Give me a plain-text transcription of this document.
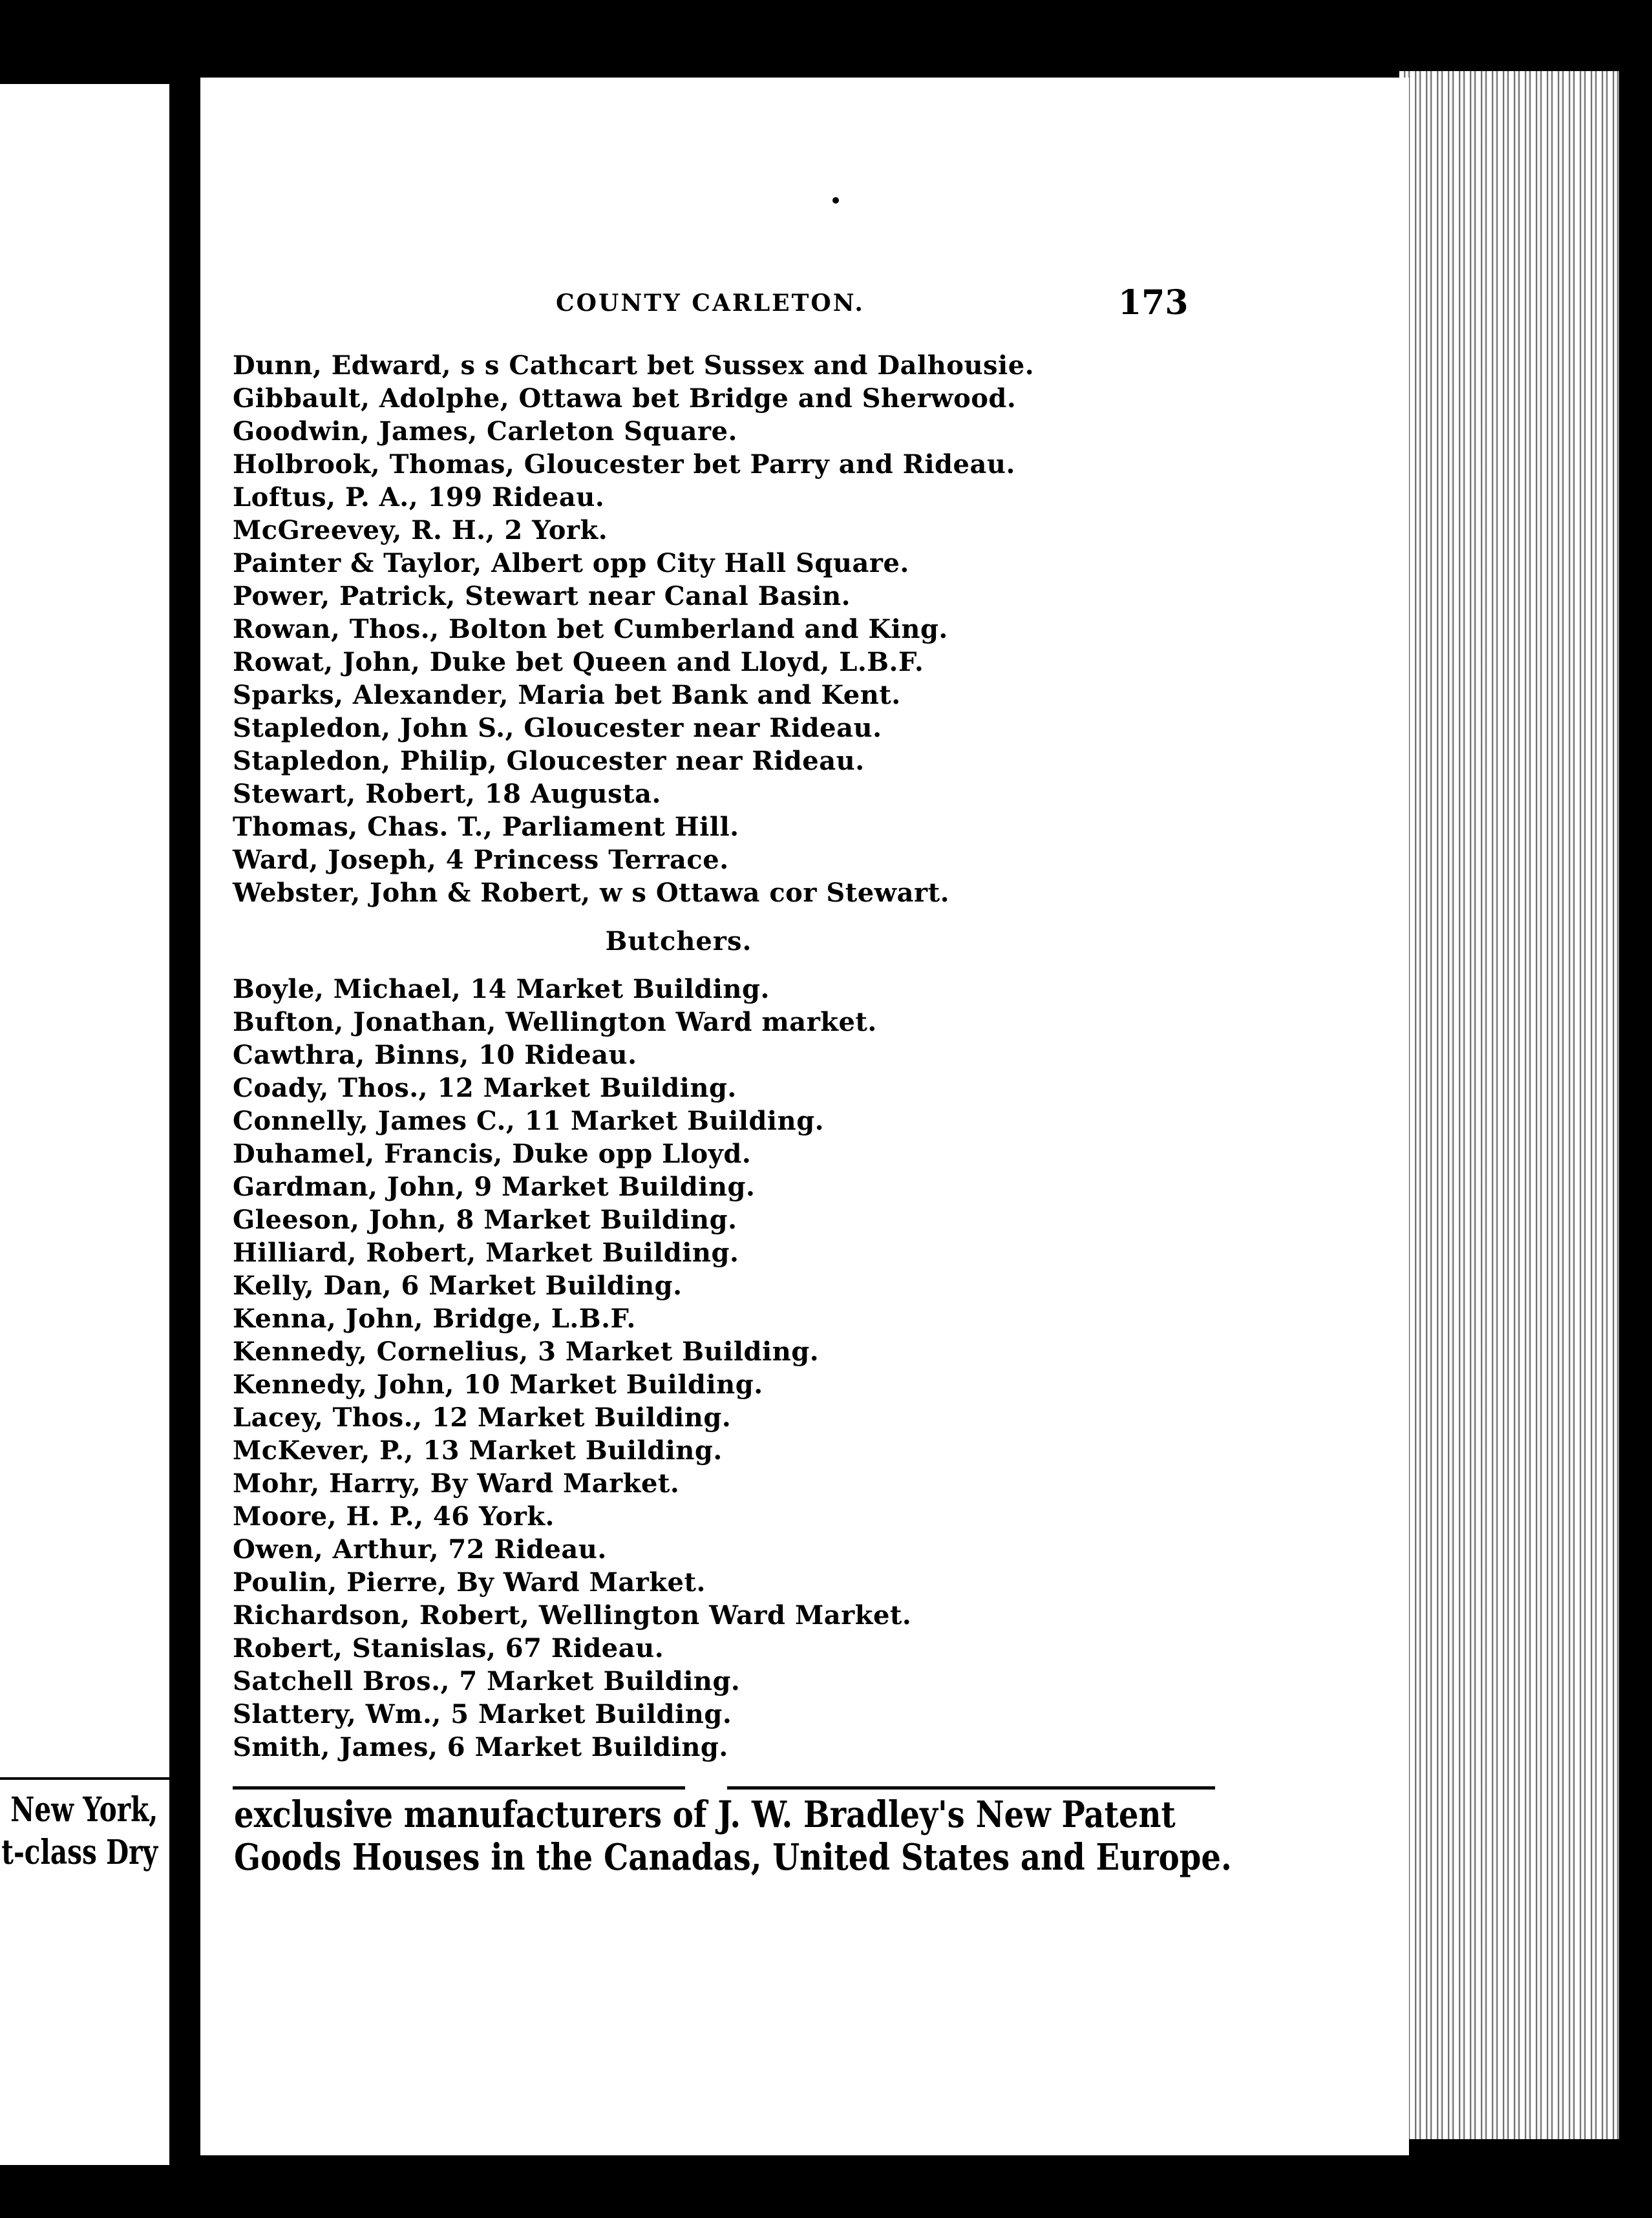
New York,
t-class Dry
COUNTY CARLETON.	173
Dunn, Edward, s s Cathcart bet Sussex and Dalhousie.
Gibbault, Adolphe, Ottawa bet Bridge and Sherwood.
Goodwin, James, Carleton Square.
Holbrook, Thomas, Gloucester bet Parry and Rideau.
Loftus, P. A., 199 Rideau.
McGreevey, R. H., 2 York.
Painter & Taylor, Albert opp City Hall Square.
Power, Patrick, Stewart near Canal Basin.
Rowan, Thos., Bolton bet Cumberland and King.
Rowat, John, Duke bet Queen and Lloyd, L.B.F.
Sparks, Alexander, Maria bet Bank and Kent.
Stapledon, John S., Gloucester near Rideau.
Stapledon, Philip, Gloucester near Rideau.
Stewart, Robert, 18 Augusta.
Thomas, Chas. T., Parliament Hill.
Ward, Joseph, 4 Princess Terrace.
Webster, John & Robert, w s Ottawa cor Stewart.
Butchers.
Boyle, Michael, 14 Market Building.
Bufton, Jonathan, Wellington Ward market.
Cawthra, Binns, 10 Rideau.
Coady, Thos., 12 Market Building.
Connelly, James C., 11 Market Building.
Duhamel, Francis, Duke opp Lloyd.
Gardman, John, 9 Market Building.
Gleeson, John, 8 Market Building.
Hilliard, Robert, Market Building.
Kelly, Dan, 6 Market Building.
Kenna, John, Bridge, L.B.F.
Kennedy, Cornelius, 3 Market Building.
Kennedy, John, 10 Market Building.
Lacey, Thos., 12 Market Building.
McKever, P., 13 Market Building.
Mohr, Harry, By Ward Market.
Moore, H. P., 46 York.
Owen, Arthur, 72 Rideau.
Poulin, Pierre, By Ward Market.
Richardson, Robert, Wellington Ward Market.
Robert, Stanislas, 67 Rideau.
Satchell Bros., 7 Market Building.
Slattery, Wm., 5 Market Building.
Smith, James, 6 Market Building.
exclusive manufacturers of J. W. Bradley's New Patent
Goods Houses in the Canadas, United States and Europe.
